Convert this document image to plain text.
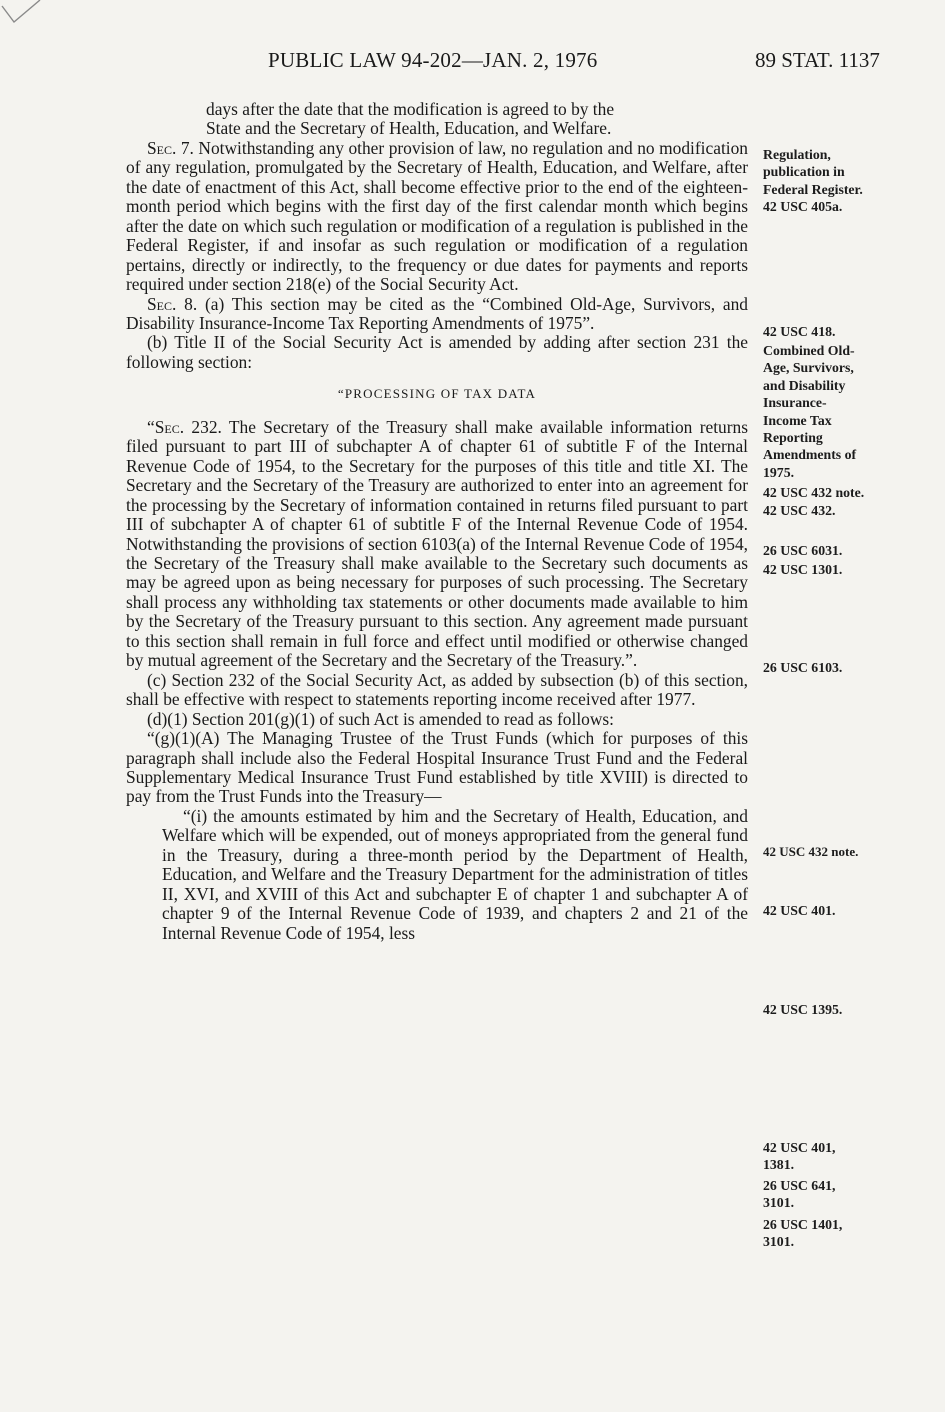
PUBLIC LAW 94-202—JAN. 2, 1976	89 STAT. 1137

days after the date that the modification is agreed to by the

State and the Secretary of Health, Education, and Welfare.

Sec. 7. Notwithstanding any other provision of law, no regulation and no modification of any regulation, promulgated by the Secretary of Health, Education, and Welfare, after the date of enactment of this Act, shall become effective prior to the end of the eighteen-month period which begins with the first day of the first calendar month which begins after the date on which such regulation or modification of a regulation is published in the Federal Register, if and insofar as such regulation or modification of a regulation pertains, directly or indirectly, to the frequency or due dates for payments and reports required under section 218(e) of the Social Security Act.

Sec. 8. (a) This section may be cited as the “Combined Old-Age, Survivors, and Disability Insurance-Income Tax Reporting Amendments of 1975”.

(b) Title II of the Social Security Act is amended by adding after section 231 the following section:

“PROCESSING OF TAX DATA

“Sec. 232. The Secretary of the Treasury shall make available information returns filed pursuant to part III of subchapter A of chapter 61 of subtitle F of the Internal Revenue Code of 1954, to the Secretary for the purposes of this title and title XI. The Secretary and the Secretary of the Treasury are authorized to enter into an agreement for the processing by the Secretary of information contained in returns filed pursuant to part III of subchapter A of chapter 61 of subtitle F of the Internal Revenue Code of 1954. Notwithstanding the provisions of section 6103(a) of the Internal Revenue Code of 1954, the Secretary of the Treasury shall make available to the Secretary such documents as may be agreed upon as being necessary for purposes of such processing. The Secretary shall process any withholding tax statements or other documents made available to him by the Secretary of the Treasury pursuant to this section. Any agreement made pursuant to this section shall remain in full force and effect until modified or otherwise changed by mutual agreement of the Secretary and the Secretary of the Treasury.”.

(c) Section 232 of the Social Security Act, as added by subsection (b) of this section, shall be effective with respect to statements reporting income received after 1977.

(d)(1) Section 201(g)(1) of such Act is amended to read as follows:

“(g)(1)(A) The Managing Trustee of the Trust Funds (which for purposes of this paragraph shall include also the Federal Hospital Insurance Trust Fund and the Federal Supplementary Medical Insurance Trust Fund established by title XVIII) is directed to pay from the Trust Funds into the Treasury—

“(i) the amounts estimated by him and the Secretary of Health, Education, and Welfare which will be expended, out of moneys appropriated from the general fund in the Treasury, during a three-month period by the Department of Health, Education, and Welfare and the Treasury Department for the administration of titles II, XVI, and XVIII of this Act and subchapter E of chapter 1 and subchapter A of chapter 9 of the Internal Revenue Code of 1939, and chapters 2 and 21 of the Internal Revenue Code of 1954, less

Regulation,
publication in
Federal Register.
42 USC 405a.
42 USC 418.
Combined Old-
Age, Survivors,
and Disability
Insurance-
Income Tax
Reporting
Amendments of
1975.
42 USC 432 note.
42 USC 432.
26 USC 6031.
42 USC 1301.
26 USC 6103.
42 USC 432 note.
42 USC 401.
42 USC 1395.
42 USC 401,
1381.
26 USC 641,
3101.
26 USC 1401,
3101.
